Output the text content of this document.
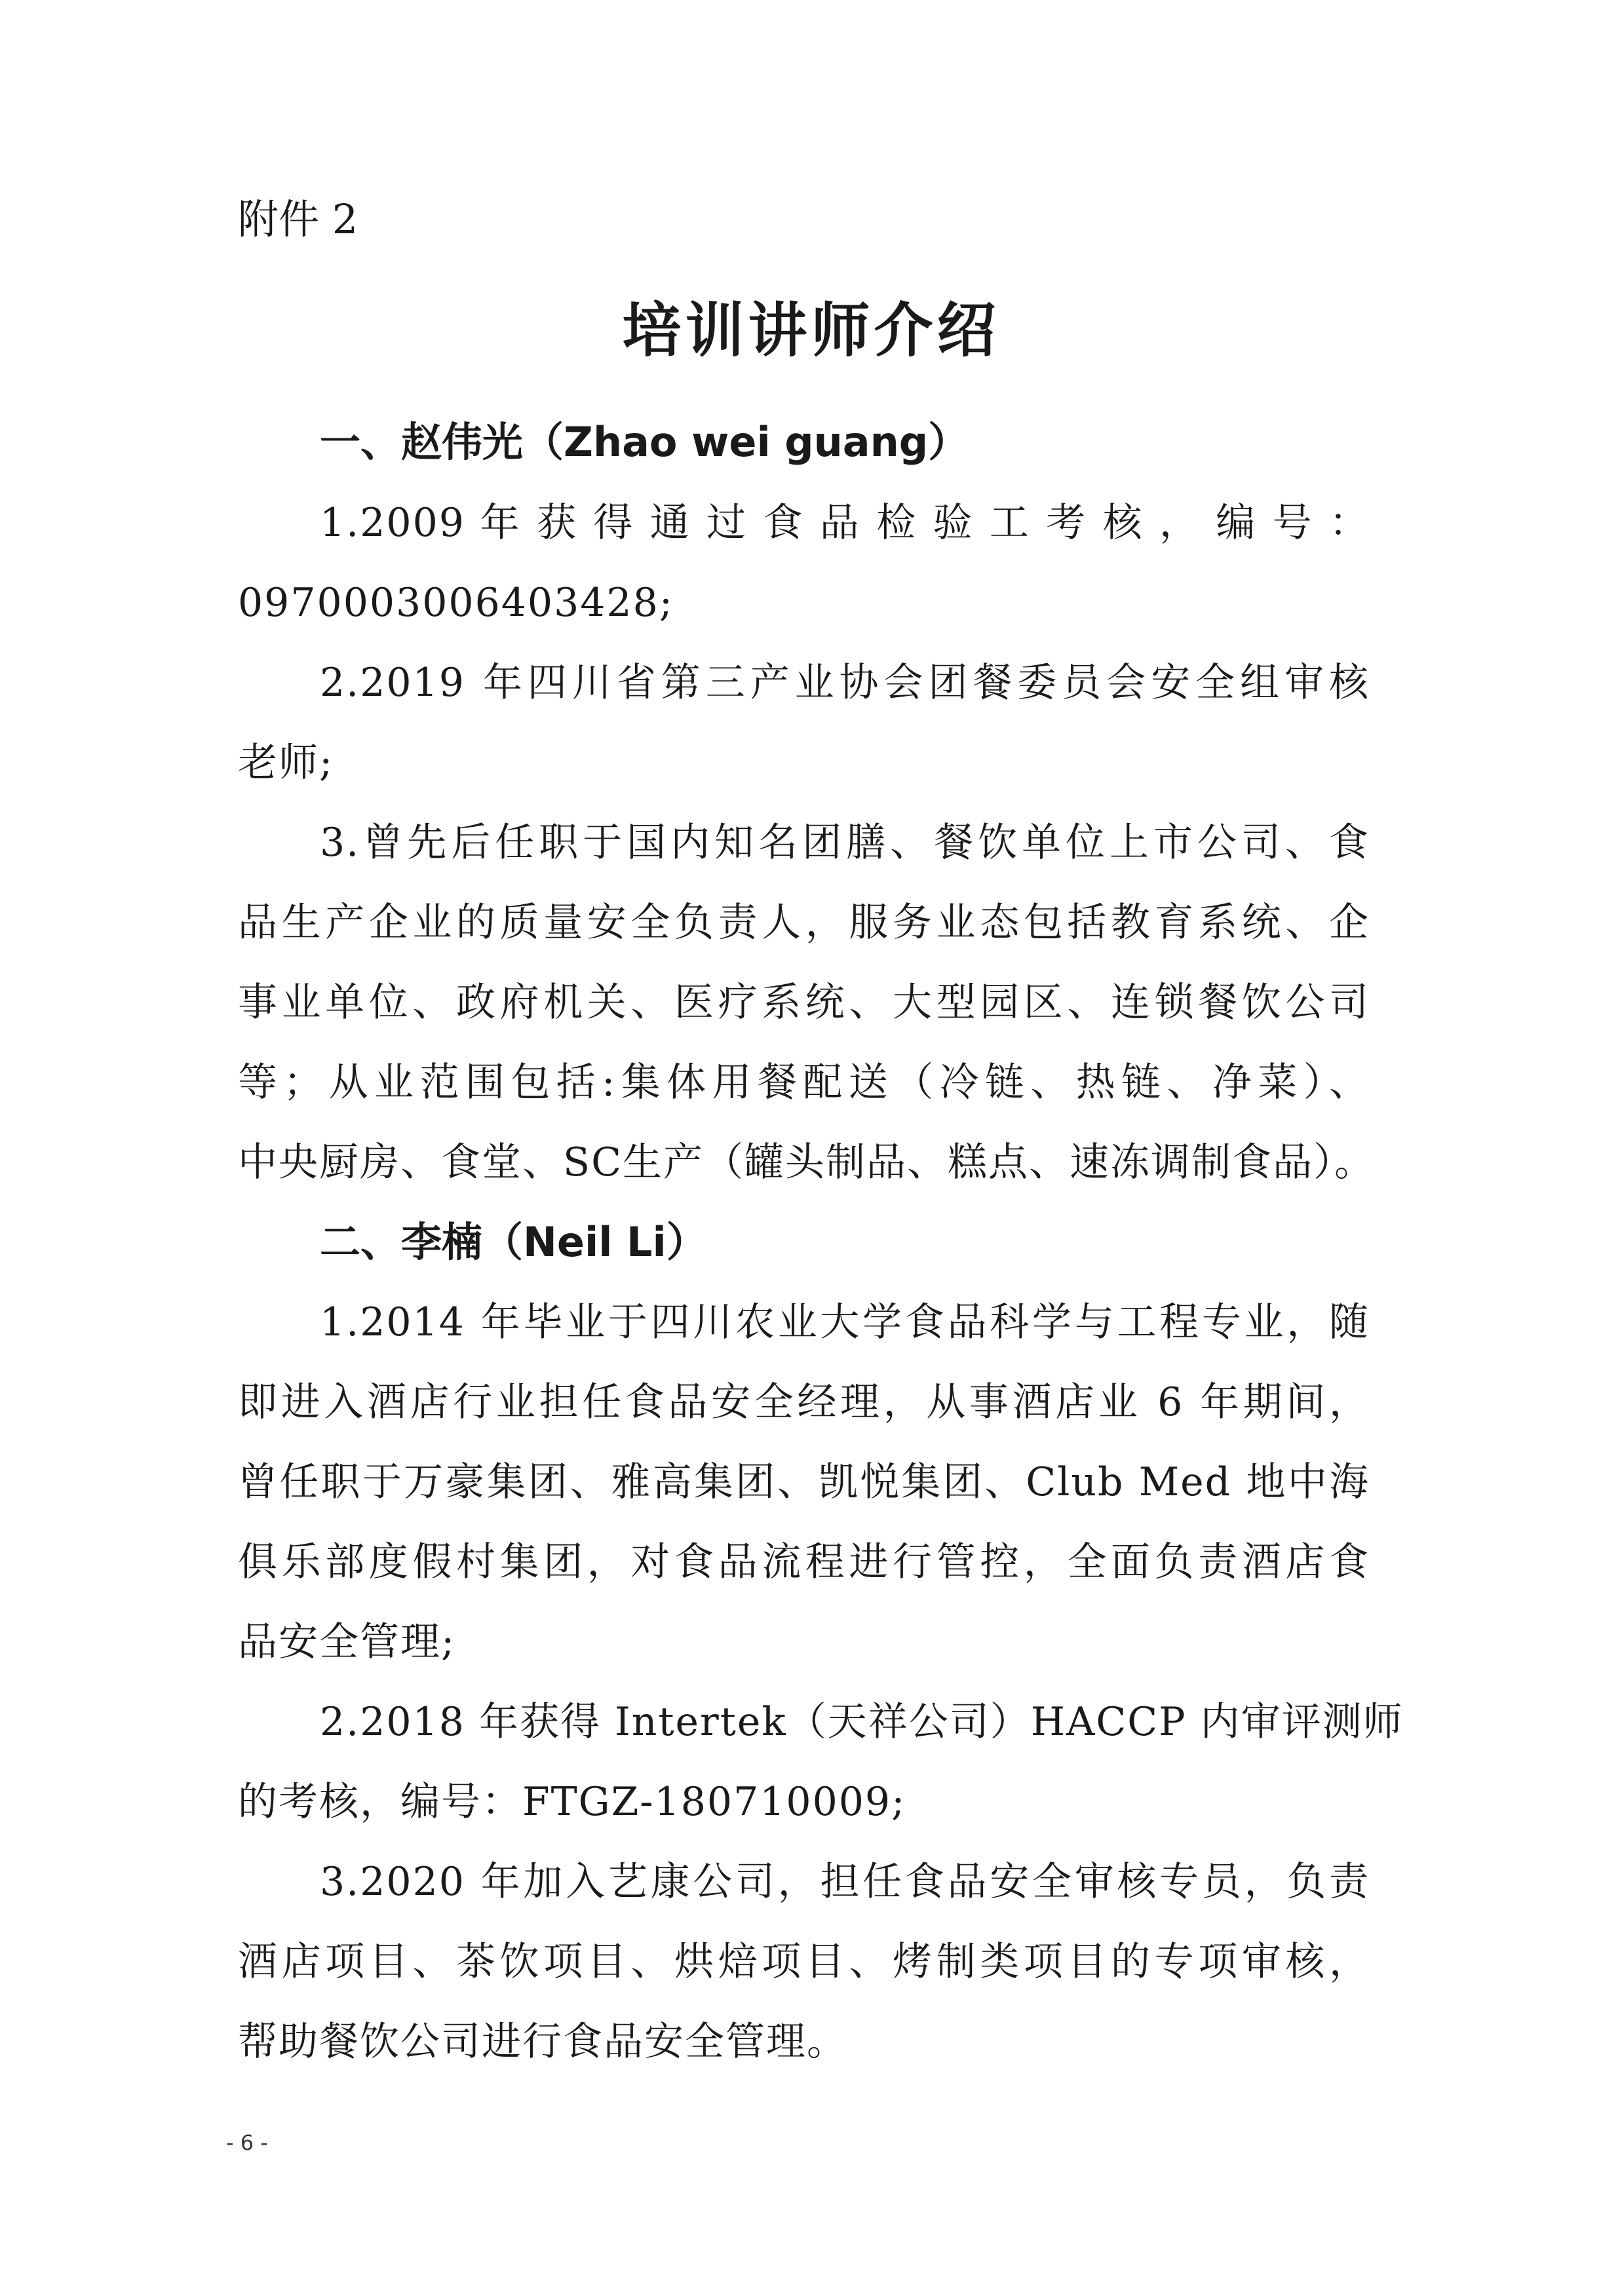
附件 2
培训讲师介绍
一、赵伟光（Zhao wei guang）
1.2009 年 获 得 通 过 食 品 检 验 工 考 核 ， 编 号 ：
0970003006403428;
2.2019 年四川省第三产业协会团餐委员会安全组审核
老师;
3.曾先后任职于国内知名团膳、餐饮单位上市公司、食
品生产企业的质量安全负责人，服务业态包括教育系统、企
事业单位、政府机关、医疗系统、大型园区、连锁餐饮公司
等；从业范围包括:集体用餐配送（冷链、热链、净菜）、
中央厨房、食堂、SC生产（罐头制品、糕点、速冻调制食品）。
二、李楠（Neil Li）
1.2014 年毕业于四川农业大学食品科学与工程专业，随
即进入酒店行业担任食品安全经理，从事酒店业 6 年期间，
曾任职于万豪集团、雅高集团、凯悦集团、Club Med 地中海
俱乐部度假村集团，对食品流程进行管控，全面负责酒店食
品安全管理;
2.2018 年获得 Intertek（天祥公司）HACCP 内审评测师
的考核，编号：FTGZ-180710009;
3.2020 年加入艺康公司，担任食品安全审核专员，负责
酒店项目、茶饮项目、烘焙项目、烤制类项目的专项审核，
帮助餐饮公司进行食品安全管理。
- 6 -
